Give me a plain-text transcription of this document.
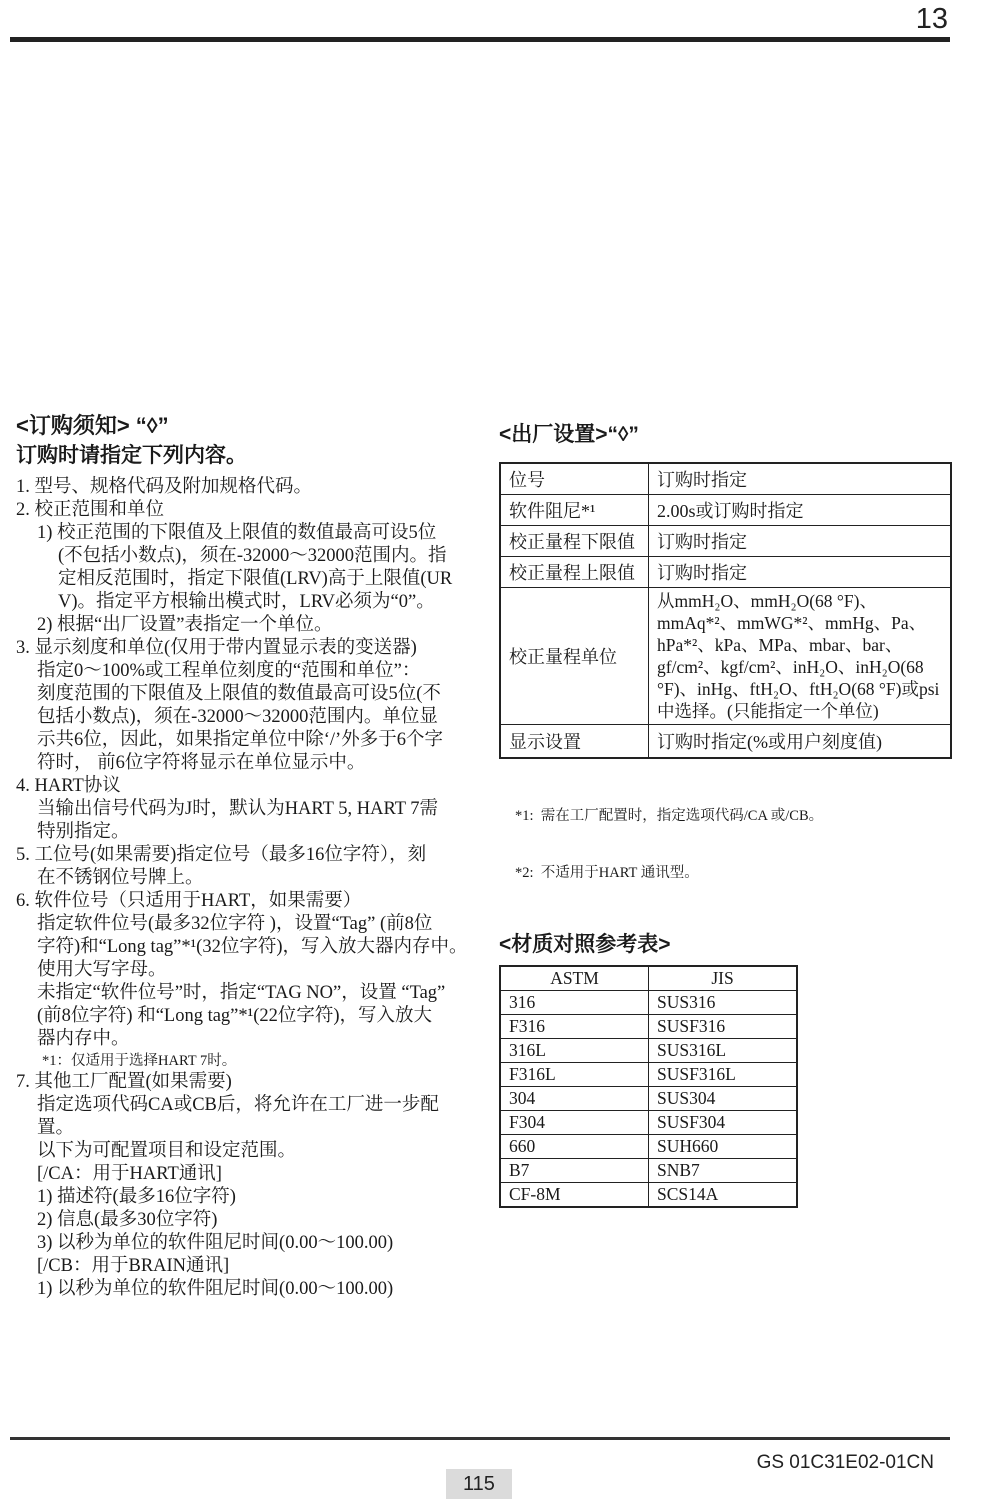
13
<订购须知> “◊”
订购时请指定下列内容。
1. 型号、规格代码及附加规格代码。
2. 校正范围和单位
1) 校正范围的下限值及上限值的数值最高可设5位
(不包括小数点)，须在-32000～32000范围内。指
定相反范围时，指定下限值(LRV)高于上限值(UR
V)。指定平方根输出模式时，LRV必须为“0”。
2) 根据“出厂设置”表指定一个单位。
3. 显示刻度和单位(仅用于带内置显示表的变送器)
指定0～100%或工程单位刻度的“范围和单位”：
刻度范围的下限值及上限值的数值最高可设5位(不
包括小数点)，须在-32000～32000范围内。单位显
示共6位，因此，如果指定单位中除‘/’外多于6个字
符时， 前6位字符将显示在单位显示中。
4. HART协议
当输出信号代码为J时，默认为HART 5, HART 7需
特别指定。
5. 工位号(如果需要)指定位号（最多16位字符），刻
在不锈钢位号牌上。
6. 软件位号（只适用于HART，如果需要）
指定软件位号(最多32位字符 )，设置“Tag” (前8位
字符)和“Long tag”*¹(32位字符)，写入放大器内存中。
使用大写字母。
未指定“软件位号”时，指定“TAG NO”，设置 “Tag”
(前8位字符) 和“Long tag”*¹(22位字符)，写入放大
器内存中。
*1：仅适用于选择HART 7时。
7. 其他工厂配置(如果需要)
指定选项代码CA或CB后，将允许在工厂进一步配
置。
以下为可配置项目和设定范围。
[/CA：用于HART通讯]
1) 描述符(最多16位字符)
2) 信息(最多30位字符)
3) 以秒为单位的软件阻尼时间(0.00～100.00)
[/CB：用于BRAIN通讯]
1) 以秒为单位的软件阻尼时间(0.00～100.00)
<出厂设置>“◊”
位号	订购时指定
软件阻尼*¹	2.00s或订购时指定
校正量程下限值	订购时指定
校正量程上限值	订购时指定
校正量程单位	从mmH₂O、mmH₂O(68 °F)、mmAq*²、mmWG*²、mmHg、Pa、hPa*²、kPa、MPa、mbar、bar、gf/cm²、kgf/cm²、inH₂O、inH₂O(68 °F)、inHg、ftH₂O、ftH₂O(68 °F)或psi中选择。(只能指定一个单位)
显示设置	订购时指定(%或用户刻度值)

*1:  需在工厂配置时，指定选项代码/CA 或/CB。

*2:  不适用于HART 通讯型。

<材质对照参考表>
ASTM	JIS
316	SUS316
F316	SUSF316
316L	SUS316L
F316L	SUSF316L
304	SUS304
F304	SUSF304
660	SUH660
B7	SNB7
CF-8M	SCS14A
GS 01C31E02-01CN
115
